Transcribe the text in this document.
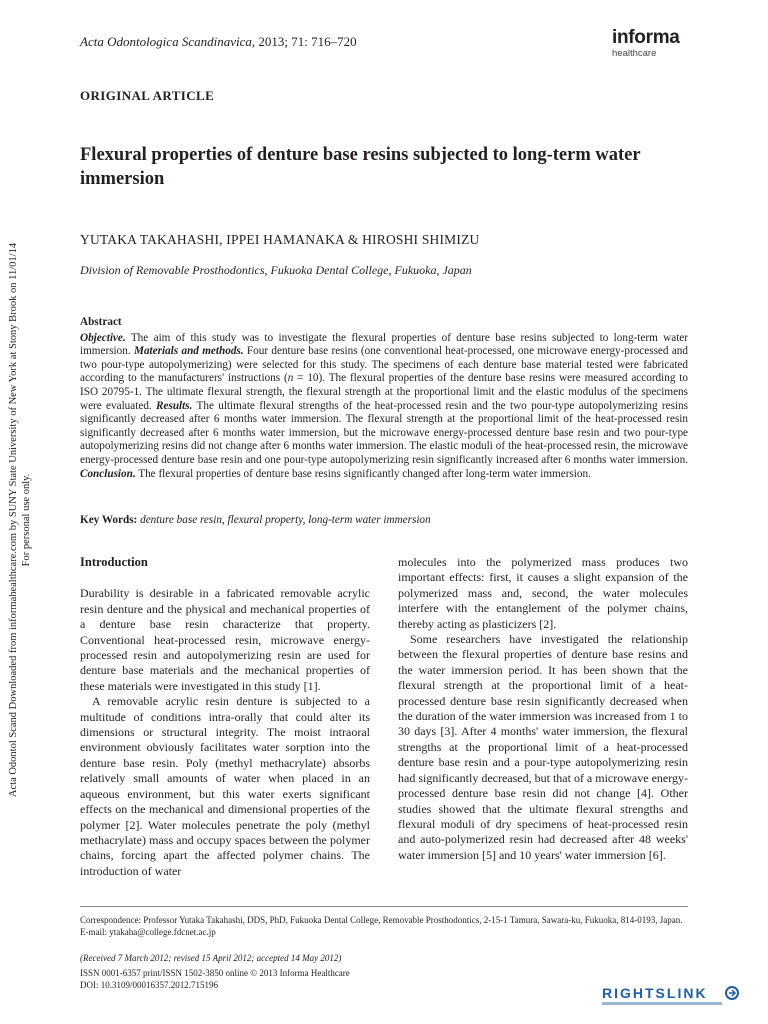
Acta Odontol Scand Downloaded from informahealthcare.com by SUNY State University of New York at Stony Brook on 11/01/14 For personal use only.
Acta Odontologica Scandinavica, 2013; 71: 716–720	informa
healthcare
ORIGINAL ARTICLE
Flexural properties of denture base resins subjected to long-term water immersion
YUTAKA TAKAHASHI, IPPEI HAMANAKA & HIROSHI SHIMIZU
Division of Removable Prosthodontics, Fukuoka Dental College, Fukuoka, Japan
Abstract
Objective. The aim of this study was to investigate the flexural properties of denture base resins subjected to long-term water immersion. Materials and methods. Four denture base resins (one conventional heat-processed, one microwave energy-processed and two pour-type autopolymerizing) were selected for this study. The specimens of each denture base material tested were fabricated according to the manufacturers' instructions (n = 10). The flexural properties of the denture base resins were measured according to ISO 20795-1. The ultimate flexural strength, the flexural strength at the proportional limit and the elastic modulus of the specimens were evaluated. Results. The ultimate flexural strengths of the heat-processed resin and the two pour-type autopolymerizing resins significantly decreased after 6 months water immersion. The flexural strength at the proportional limit of the heat-processed resin significantly decreased after 6 months water immersion, but the microwave energy-processed denture base resin and two pour-type autopolymerizing resins did not change after 6 months water immersion. The elastic moduli of the heat-processed resin, the microwave energy-processed denture base resin and one pour-type autopolymerizing resin significantly increased after 6 months water immersion. Conclusion. The flexural properties of denture base resins significantly changed after long-term water immersion.
Key Words: denture base resin, flexural property, long-term water immersion

Introduction

Durability is desirable in a fabricated removable acrylic resin denture and the physical and mechanical properties of a denture base resin characterize that property. Conventional heat-processed resin, microwave energy-processed resin and autopolymerizing resin are used for denture base materials and the mechanical properties of these materials were investigated in this study [1].

A removable acrylic resin denture is subjected to a multitude of conditions intra-orally that could alter its dimensions or structural integrity. The moist intraoral environment obviously facilitates water sorption into the denture base resin. Poly (methyl methacrylate) absorbs relatively small amounts of water when placed in an aqueous environment, but this water exerts significant effects on the mechanical and dimensional properties of the polymer [2]. Water molecules penetrate the poly (methyl methacrylate) mass and occupy spaces between the polymer chains, forcing apart the affected polymer chains. The introduction of water

molecules into the polymerized mass produces two important effects: first, it causes a slight expansion of the polymerized mass and, second, the water molecules interfere with the entanglement of the polymer chains, thereby acting as plasticizers [2].

Some researchers have investigated the relationship between the flexural properties of denture base resins and the water immersion period. It has been shown that the flexural strength at the proportional limit of a heat-processed denture base resin significantly decreased when the duration of the water immersion was increased from 1 to 30 days [3]. After 4 months' water immersion, the flexural strengths at the proportional limit of a heat-processed denture base resin and a pour-type autopolymerizing resin had significantly decreased, but that of a microwave energy-processed denture base resin did not change [4]. Other studies showed that the ultimate flexural strengths and flexural moduli of dry specimens of heat-processed resin and auto-polymerized resin had decreased after 48 weeks' water immersion [5] and 10 years' water immersion [6].

Correspondence: Professor Yutaka Takahashi, DDS, PhD, Fukuoka Dental College, Removable Prosthodontics, 2-15-1 Tamura, Sawara-ku, Fukuoka, 814-0193, Japan. E-mail: ytakaha@college.fdcnet.ac.jp
(Received 7 March 2012; revised 15 April 2012; accepted 14 May 2012)
ISSN 0001-6357 print/ISSN 1502-3850 online © 2013 Informa Healthcare
DOI: 10.3109/00016357.2012.715196	RIGHTSLINK
